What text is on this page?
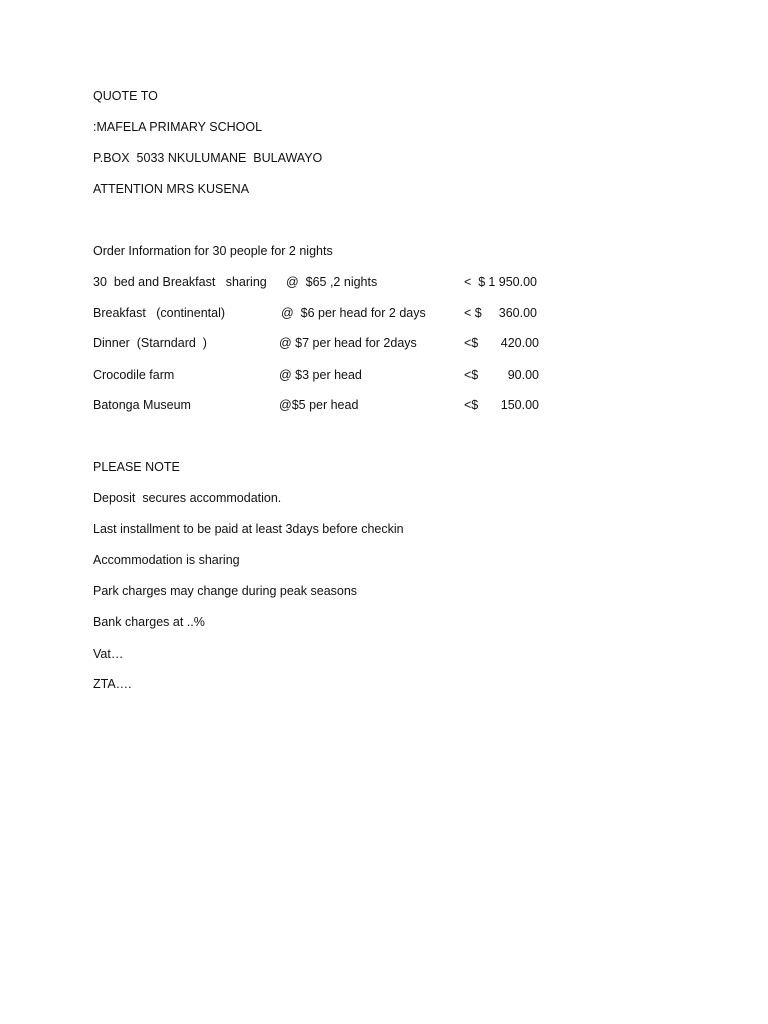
QUOTE TO
:MAFELA PRIMARY SCHOOL
P.BOX  5033 NKULUMANE  BULAWAYO
ATTENTION MRS KUSENA
Order Information for 30 people for 2 nights
30  bed and Breakfast   sharing @  $65 ,2 nights	<  $ 1 950.00
Breakfast   (continental)	@  $6 per head for 2 days	< $ 360.00
Dinner  (Starndard  )	@ $7 per head for 2days	<$ 420.00
Crocodile farm	@ $3 per head	<$ 90.00
Batonga Museum	@$5 per head	<$ 150.00
PLEASE NOTE
Deposit  secures accommodation.
Last installment to be paid at least 3days before checkin
Accommodation is sharing
Park charges may change during peak seasons
Bank charges at ..%
Vat…
ZTA….
